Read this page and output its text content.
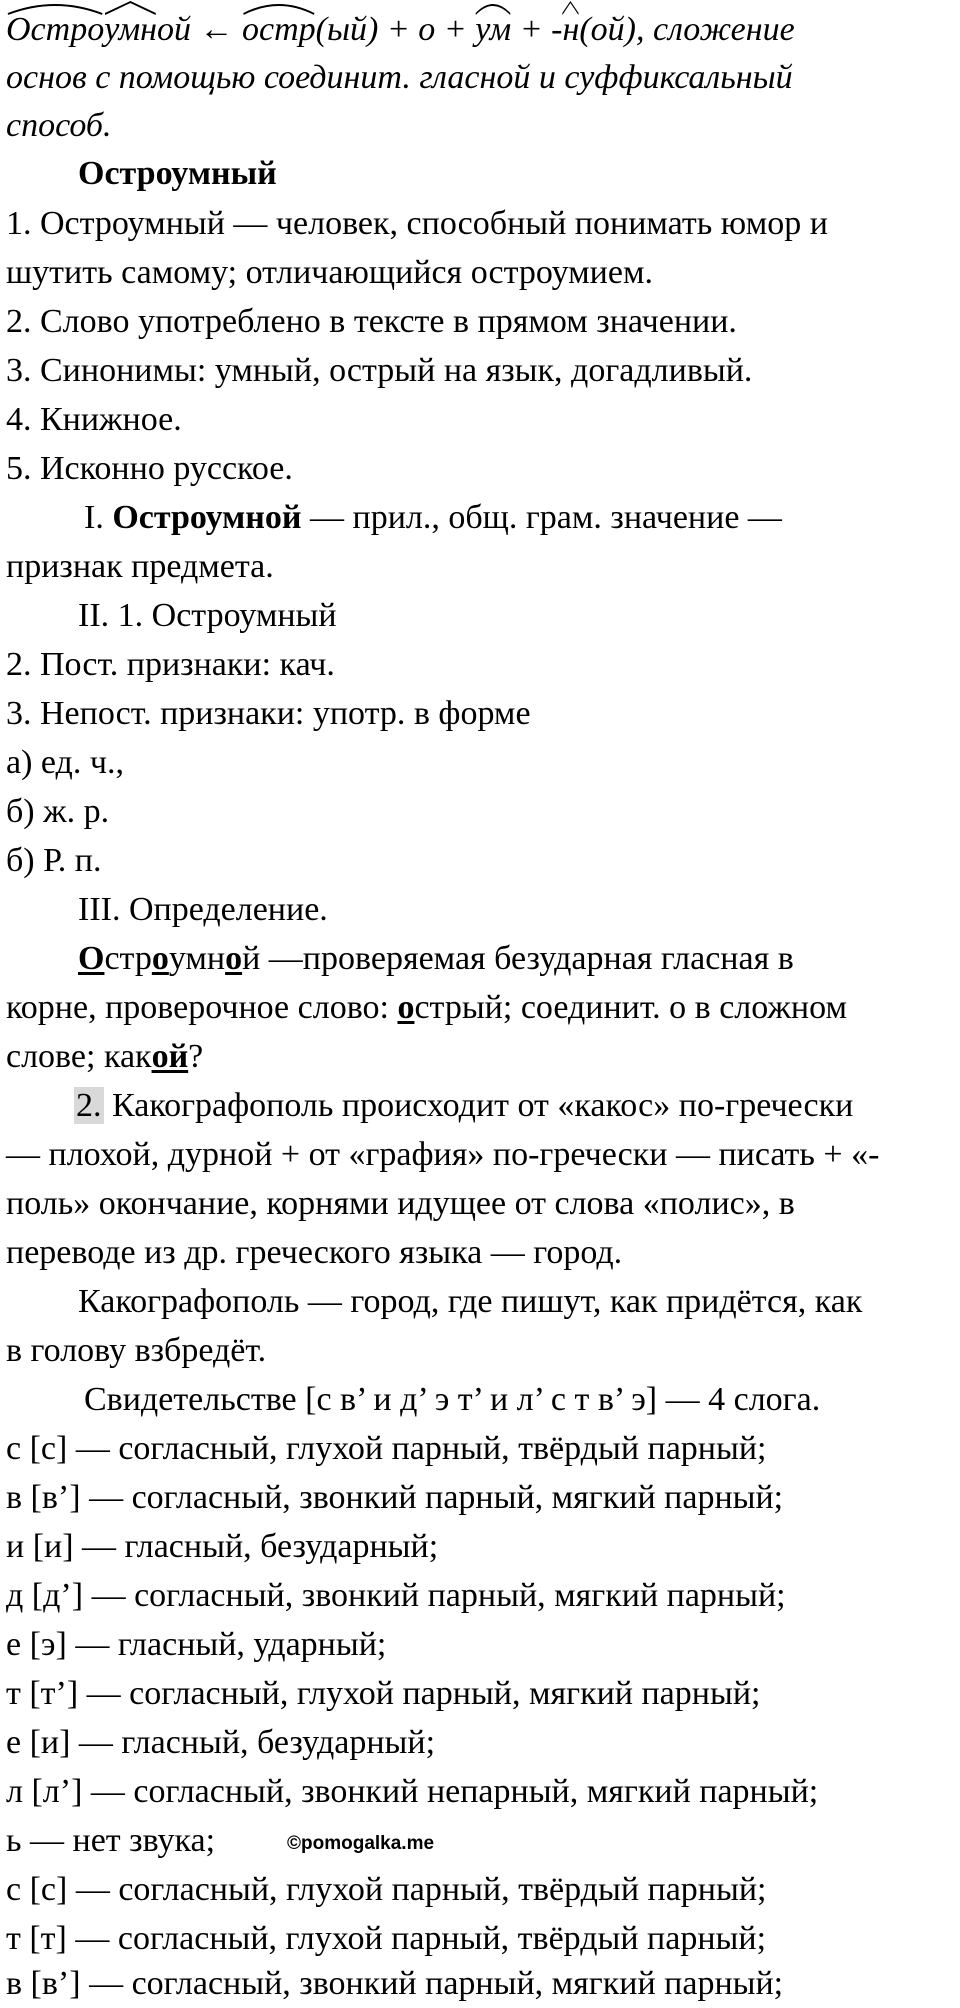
Остро
умной ←
остр(ый) + о +
ум + -
н(ой), сложение
основ с помощью соединит. гласной и суффиксальный
способ.
Остроумный
1. Остроумный — человек, способный понимать юмор и
шутить самому; отличающийся остроумием.
2. Слово употреблено в тексте в прямом значении.
3. Синонимы: умный, острый на язык, догадливый.
4. Книжное.
5. Исконно русское.
I. Остроумной — прил., общ. грам. значение —
признак предмета.
II. 1. Остроумный
2. Пост. признаки: кач.
3. Непост. признаки: употр. в форме
а) ед. ч.,
б) ж. р.
б) Р. п.
III. Определение.
Остроумной —проверяемая безударная гласная в
корне, проверочное слово: острый; соединит. о в сложном
слове; какой?
2. Какографополь происходит от «какос» по-гречески
— плохой, дурной + от «графия» по-гречески — писать + «-
поль» окончание, корнями идущее от слова «полис», в
переводе из др. греческого языка — город.
Какографополь — город, где пишут, как придётся, как
в голову взбредёт.
Свидетельстве [с в’ и д’ э т’ и л’ с т в’ э] — 4 слога.
с [с] — согласный, глухой парный, твёрдый парный;
в [в’] — согласный, звонкий парный, мягкий парный;
и [и] — гласный, безударный;
д [д’] — согласный, звонкий парный, мягкий парный;
е [э] — гласный, ударный;
т [т’] — согласный, глухой парный, мягкий парный;
е [и] — гласный, безударный;
л [л’] — согласный, звонкий непарный, мягкий парный;
ь — нет звука;
с [с] — согласный, глухой парный, твёрдый парный;
т [т] — согласный, глухой парный, твёрдый парный;
в [в’] — согласный, звонкий парный, мягкий парный;
©pomogalka.me
